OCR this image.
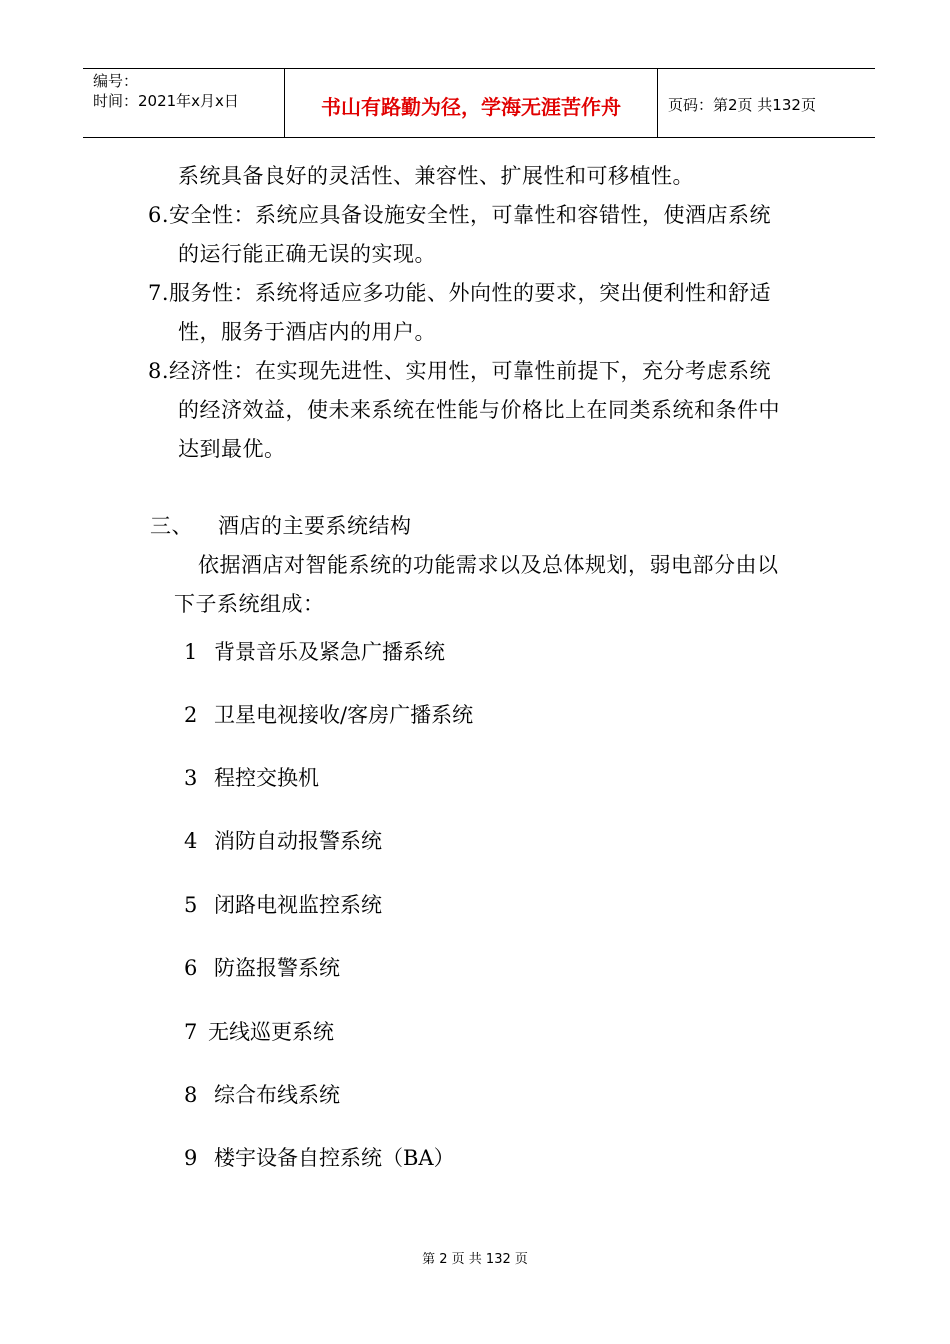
编号：
时间：2021年x月x日	书山有路勤为径，学海无涯苦作舟	页码：第2页 共132页
系统具备良好的灵活性、兼容性、扩展性和可移植性。
6.安全性：系统应具备设施安全性，可靠性和容错性，使酒店系统
的运行能正确无误的实现。
7.服务性：系统将适应多功能、外向性的要求，突出便利性和舒适
性，服务于酒店内的用户。
8.经济性：在实现先进性、实用性，可靠性前提下，充分考虑系统
的经济效益，使未来系统在性能与价格比上在同类系统和条件中
达到最优。
三、 酒店的主要系统结构
依据酒店对智能系统的功能需求以及总体规划，弱电部分由以
下子系统组成：
1 背景音乐及紧急广播系统
2 卫星电视接收/客房广播系统
3 程控交换机
4 消防自动报警系统
5 闭路电视监控系统
6 防盗报警系统
7 无线巡更系统
8 综合布线系统
9 楼宇设备自控系统（BA）
第 2 页 共 132 页
